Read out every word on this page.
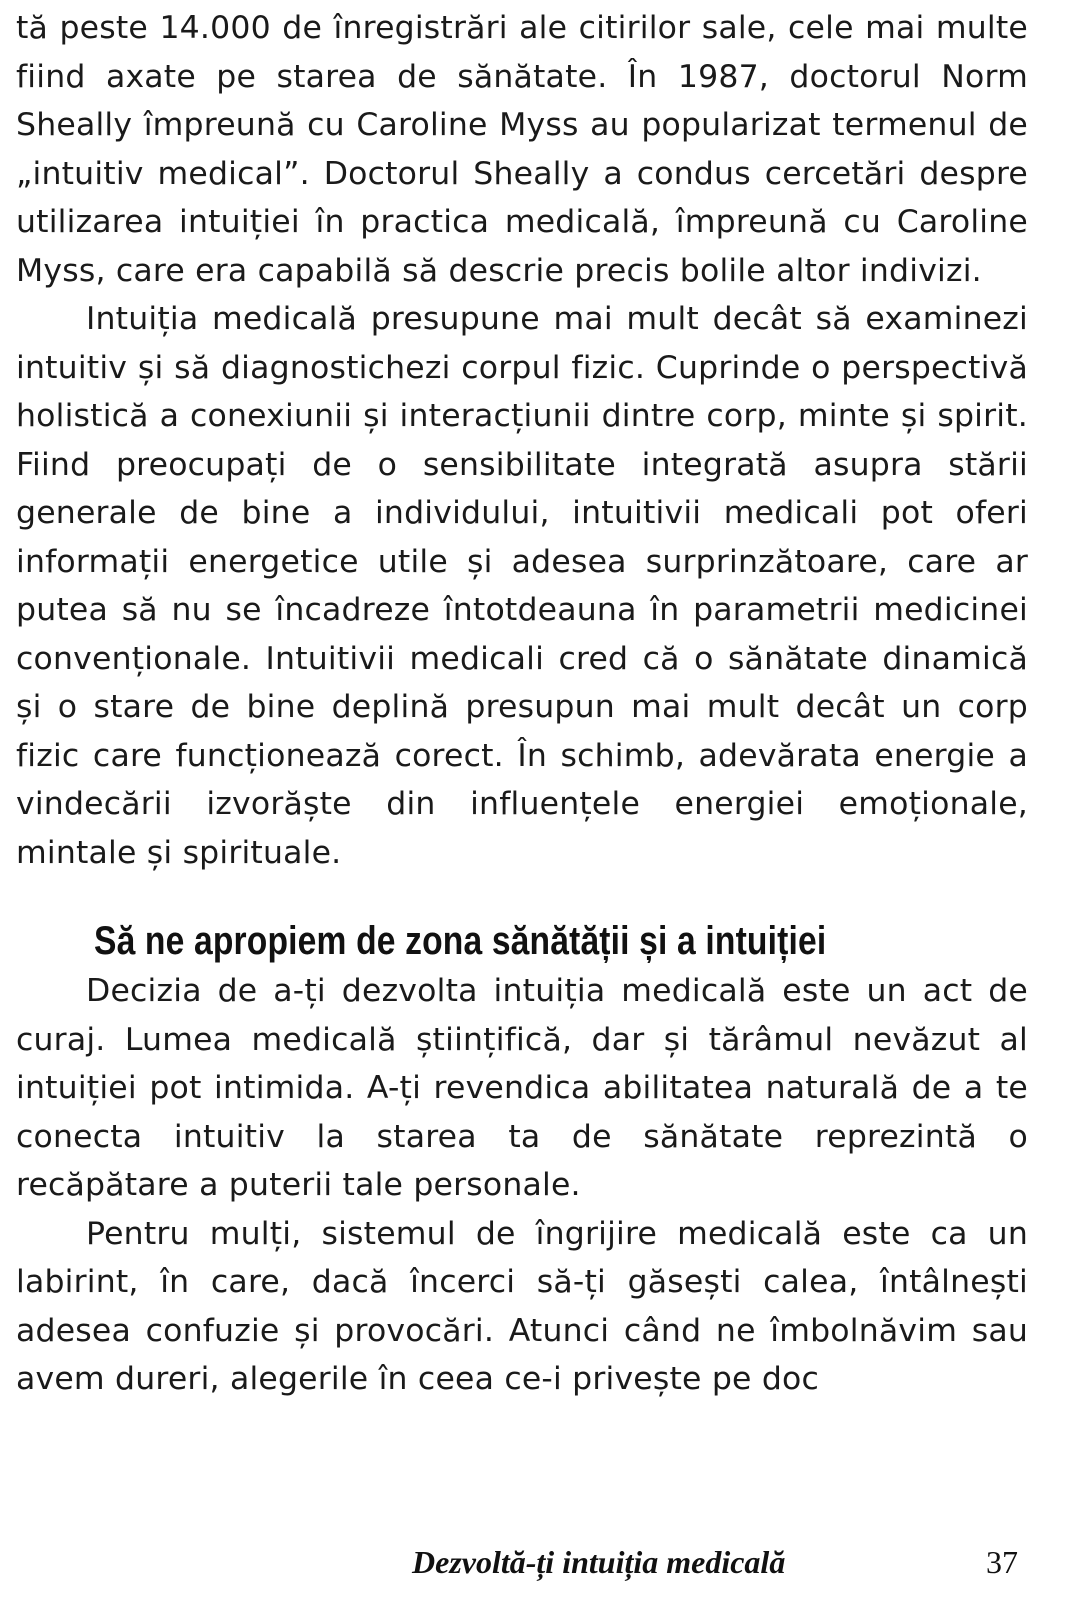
tă peste 14.000 de înregistrări ale citirilor sale, cele mai multe fiind axate pe starea de sănătate. În 1987, doctorul Norm Sheally împreună cu Caroline Myss au popularizat termenul de „intuitiv medical”. Doctorul Sheally a condus cercetări despre utilizarea intuiției în practica medicală, împreună cu Caroline Myss, care era capabilă să descrie precis bolile altor indivizi.

Intuiția medicală presupune mai mult decât să examinezi intuitiv și să diagnostichezi corpul fizic. Cuprinde o perspectivă holistică a conexiunii și interacțiunii dintre corp, minte și spirit. Fiind preocupați de o sensibilitate integrată asupra stării generale de bine a individului, intuitivii medicali pot oferi informații energetice utile și adesea surprinzătoare, care ar putea să nu se încadreze întotdeauna în parametrii medicinei convenționale. Intuitivii medicali cred că o sănătate dinamică și o stare de bine deplină presupun mai mult decât un corp fizic care funcționează corect. În schimb, adevărata energie a vindecării izvorăște din influențele energiei emoționale, mintale și spirituale.

Să ne apropiem de zona sănătății și a intuiției

Decizia de a-ți dezvolta intuiția medicală este un act de curaj. Lumea medicală științifică, dar și tărâmul nevăzut al intuiției pot intimida. A-ți revendica abilitatea naturală de a te conecta intuitiv la starea ta de sănătate reprezintă o recăpătare a puterii tale personale.

Pentru mulți, sistemul de îngrijire medicală este ca un labirint, în care, dacă încerci să-ți găsești calea, întâlnești adesea confuzie și provocări. Atunci când ne îmbolnăvim sau avem dureri, alegerile în ceea ce-i privește pe doc

Dezvoltă-ți intuiția medicală	37
